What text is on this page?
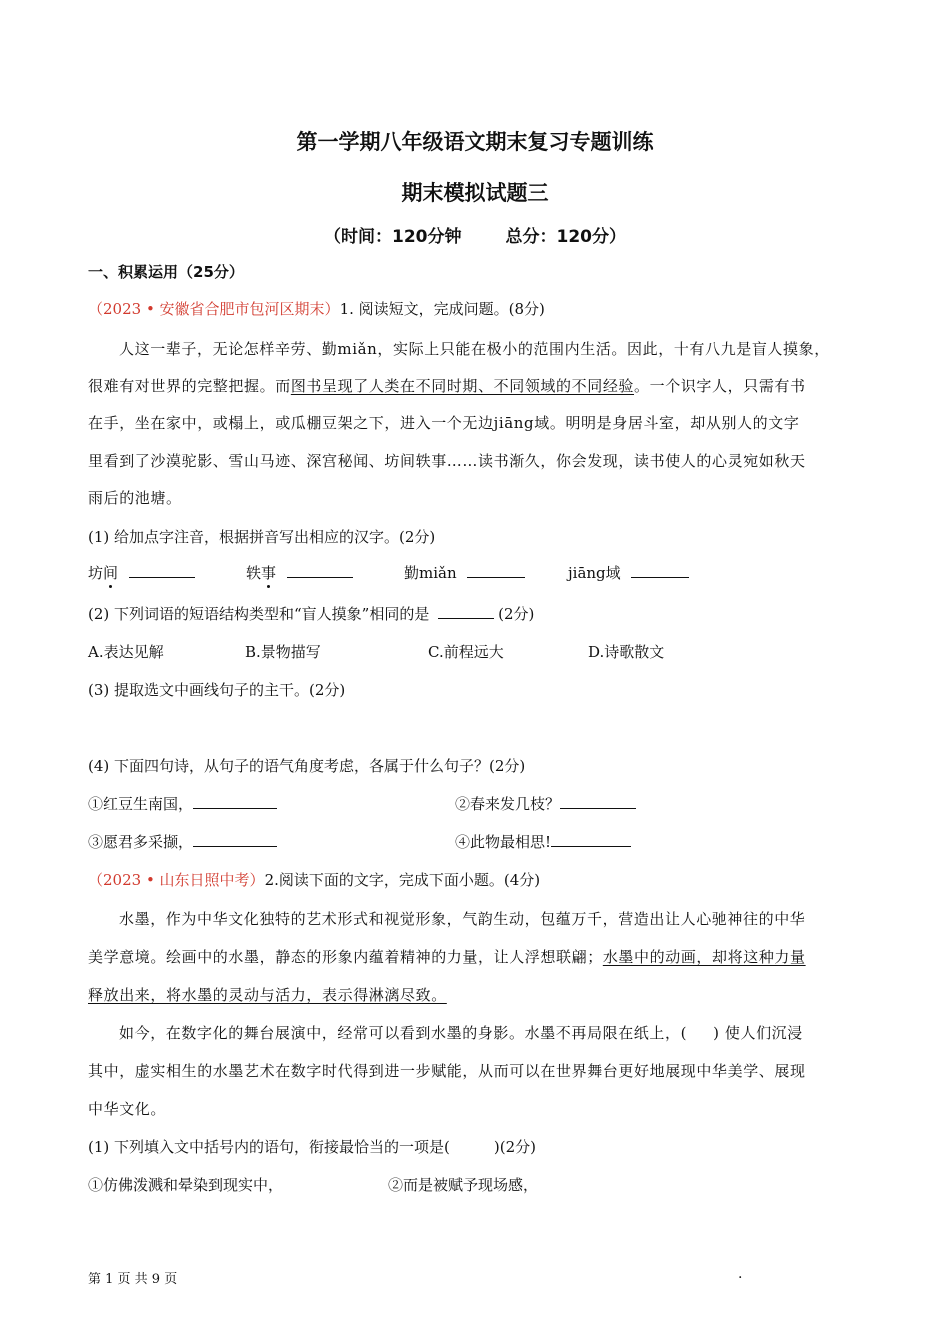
第一学期八年级语文期末复习专题训练
期末模拟试题三
（时间：120分钟	总分：120分）
一、积累运用（25分）
（2023 • 安徽省合肥市包河区期末）1. 阅读短文，完成问题。(8分)
人这一辈子，无论怎样辛劳、勤miǎn，实际上只能在极小的范围内生活。因此，十有八九是盲人摸象，
很难有对世界的完整把握。而图书呈现了人类在不同时期、不同领域的不同经验。一个识字人，只需有书
在手，坐在家中，或榻上，或瓜棚豆架之下，进入一个无边jiāng域。明明是身居斗室，却从别人的文字
里看到了沙漠驼影、雪山马迹、深宫秘闻、坊间轶事……读书渐久，你会发现，读书使人的心灵宛如秋天
雨后的池塘。
(1) 给加点字注音，根据拼音写出相应的汉字。(2分)
坊间	轶事	勤miǎn	jiāng域
(2) 下列词语的短语结构类型和“盲人摸象”相同的是	(2分)
A.表达见解	B.景物描写	C.前程远大	D.诗歌散文
(3) 提取选文中画线句子的主干。(2分)
(4) 下面四句诗，从句子的语气角度考虑，各属于什么句子？(2分)
①红豆生南国，	②春来发几枝？
③愿君多采撷，	④此物最相思!
（2023 • 山东日照中考）2.阅读下面的文字，完成下面小题。(4分)
水墨，作为中华文化独特的艺术形式和视觉形象，气韵生动，包蕴万千，营造出让人心驰神往的中华
美学意境。绘画中的水墨，静态的形象内蕴着精神的力量，让人浮想联翩；水墨中的动画，却将这种力量
释放出来，将水墨的灵动与活力，表示得淋漓尽致。
如今，在数字化的舞台展演中，经常可以看到水墨的身影。水墨不再局限在纸上，( ) 使人们沉浸
其中，虚实相生的水墨艺术在数字时代得到进一步赋能，从而可以在世界舞台更好地展现中华美学、展现
中华文化。
(1) 下列填入文中括号内的语句，衔接最恰当的一项是(	)(2分)
①仿佛泼溅和晕染到现实中，	②而是被赋予现场感，
第 1 页 共 9 页	.
